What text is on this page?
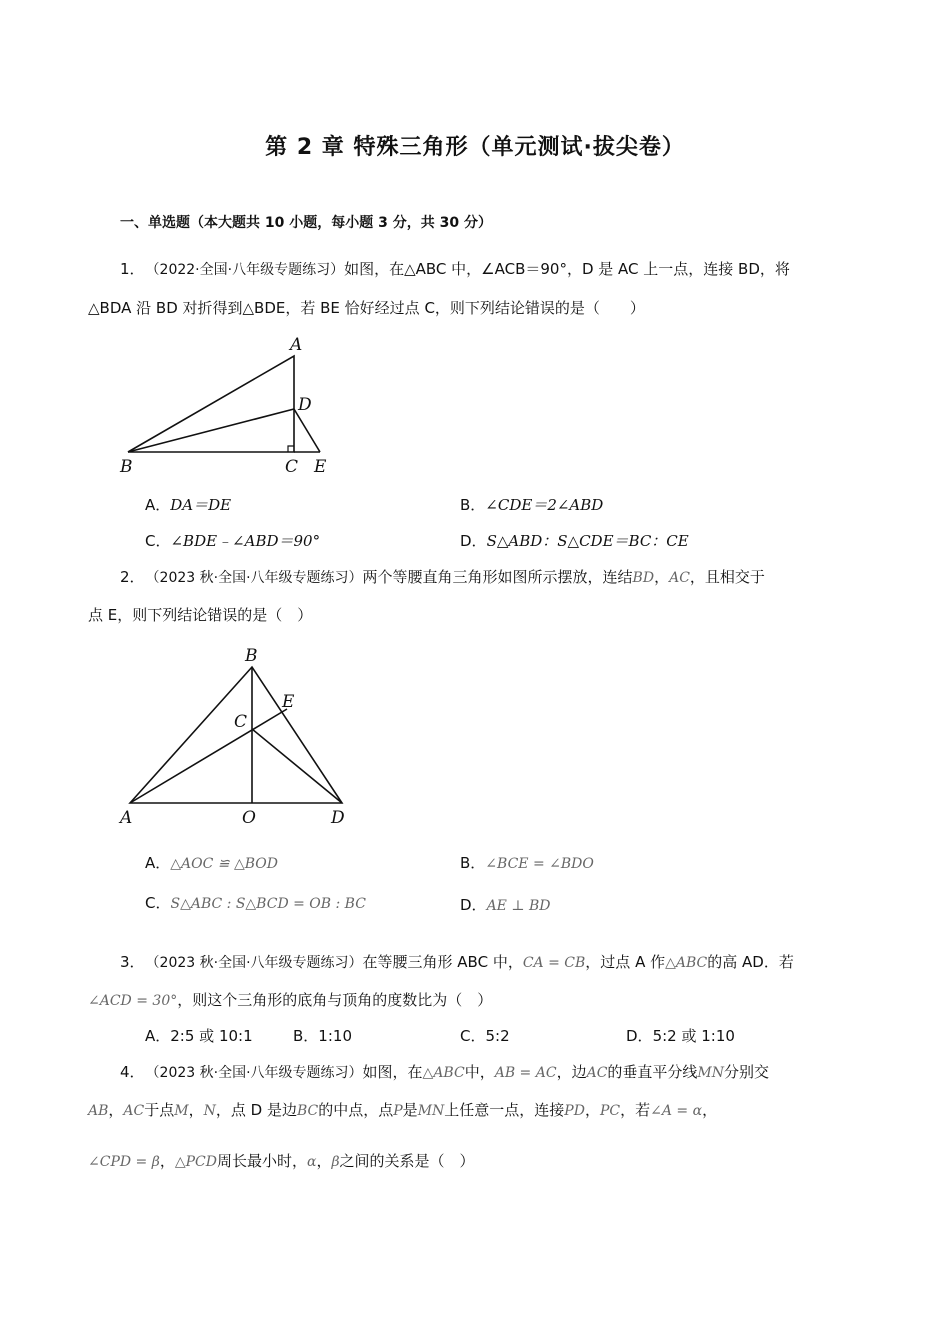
第 2 章 特殊三角形（单元测试·拔尖卷）
一、单选题（本大题共 10 小题，每小题 3 分，共 30 分）
1． （2022·全国·八年级专题练习）如图，在△ABC 中，∠ACB＝90°，D 是 AC 上一点，连接 BD，将
△BDA 沿 BD 对折得到△BDE，若 BE 恰好经过点 C，则下列结论错误的是（　　）
A
D
B	C E
A．DA＝DE	B．∠CDE＝2∠ABD
C．∠BDE﹣∠ABD＝90°	D．S△ABD：S△CDE＝BC：CE
2． （2023 秋·全国·八年级专题练习）两个等腰直角三角形如图所示摆放，连结BD，AC，且相交于
点 E，则下列结论错误的是（　）
B
E
C
A	O	D
A．△AOC ≌ △BOD	B．∠BCE = ∠BDO
C．S△ABC : S△BCD = OB : BC	D．AE ⊥ BD
3． （2023 秋·全国·八年级专题练习）在等腰三角形 ABC 中，CA = CB，过点 A 作△ABC的高 AD．若
∠ACD = 30°，则这个三角形的底角与顶角的度数比为（　）
A．2:5 或 10:1	B．1:10	C．5:2	D．5:2 或 1:10
4． （2023 秋·全国·八年级专题练习）如图，在△ABC中，AB = AC，边AC的垂直平分线MN分别交
AB，AC于点M，N，点 D 是边BC的中点，点P是MN上任意一点，连接PD，PC，若∠A = α，
∠CPD = β，△PCD周长最小时，α，β之间的关系是（　）
